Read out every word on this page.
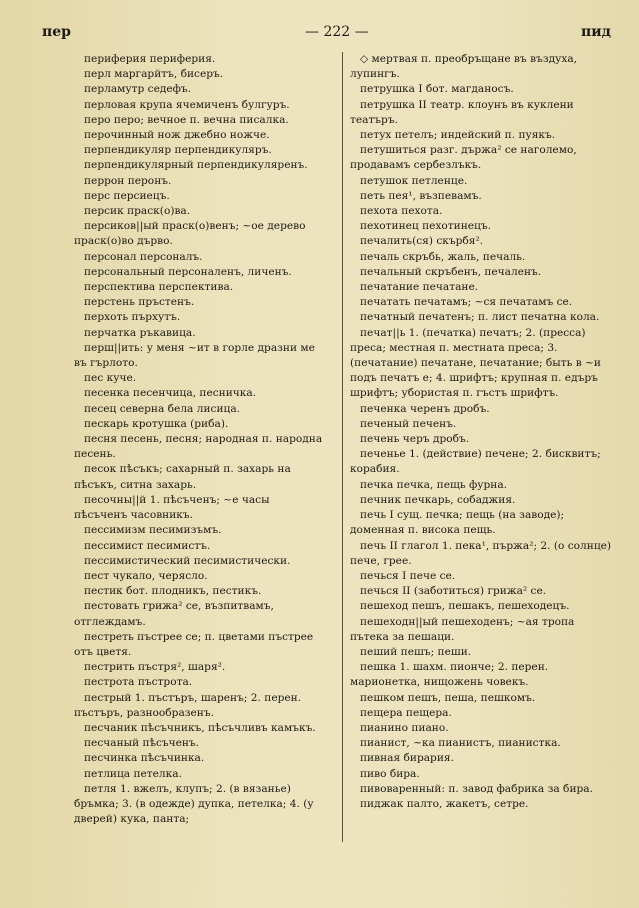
пер	— 222 —	пид

периферия периферия.

перл маргарйтъ, бисеръ.

перламутр седефъ.

перловая крупа ячемиченъ булгуръ.

перо перо; вечное п. вечна писалка.

перочинный нож джебно ножче.

перпендикуляр перпендикуляръ.

перпендикулярный перпендикуляренъ.

перрон перонъ.

перс персиецъ.

персик праск(о)ва.

персиков||ый праск(о)венъ; ~ое дерево праск(о)во дърво.

персонал персоналъ.

персональный персоналенъ, личенъ.

перспектива перспектива.

перстень пръстенъ.

перхоть пърхутъ.

перчатка ръкавица.

перш||ить: у меня ~ит в горле дразни ме въ гърлото.

пес куче.

песенка песенчица, песничка.

песец северна бела лисица.

пескарь кротушка (риба).

песня песень, песня; народная п. народна песень.

песок пѣсъкъ; сахарный п. захарь на пѣсъкъ, ситна захарь.

песочны||й 1. пѣсъченъ; ~е часы пѣсъченъ часовникъ.

пессимизм песимизъмъ.

пессимист песимистъ.

пессимистический песимистически.

пест чукало, черясло.

пестик бот. плодникъ, пестикъ.

пестовать грижа² се, възпитвамъ, отглеждамъ.

пестреть пъстрее се; п. цветами пъстрее отъ цветя.

пестрить пъстря², шаря².

пестрота пъстрота.

пестрый 1. пъстъръ, шаренъ; 2. перен. пъстъръ, разнообразенъ.

песчаник пѣсъчникъ, пѣсъчливъ камъкъ.

песчаный пѣсъченъ.

песчинка пѣсъчинка.

петлица петелка.

петля 1. вжелъ, клупъ; 2. (в вязанье) бръмка; 3. (в одежде) дупка, петелка; 4. (у дверей) кука, панта;

◇ мертвая п. преобръщане въ въздуха, лупингъ.

петрушка I бот. магданосъ.

петрушка II театр. клоунъ въ куклени театъръ.

петух петелъ; индейский п. пуякъ.

петушиться разг. държа² се наголемо, продавамъ сербезлъкъ.

петушок петленце.

петь пея¹, възпевамъ.

пехота пехота.

пехотинец пехотинецъ.

печалить(ся) скърбя².

печаль скръбь, жаль, печаль.

печальный скръбенъ, печаленъ.

печатание печатане.

печатать печатамъ; ~ся печатамъ се.

печатный печатенъ; п. лист печатна кола.

печат||ь 1. (печатка) печатъ; 2. (пресса) преса; местная п. местната преса; 3. (печатание) печатане, печатание; быть в ~и подъ печатъ е; 4. шрифтъ; крупная п. едъръ шрифтъ; убористая п. гъстъ шрифтъ.

печенка черенъ дробъ.

печеный печенъ.

печень черъ дробъ.

печенье 1. (действие) печене; 2. бисквитъ; корабия.

печка печка, пещь фурна.

печник печкарь, собаджия.

печь I сущ. печка; пещь (на заводе); доменная п. висока пещь.

печь II глагол 1. пека¹, пържа²; 2. (о солнце) пече, грее.

печься I пече се.

печься II (заботиться) грижа² се.

пешеход пешъ, пешакъ, пешеходецъ.

пешеходн||ый пешеходенъ; ~ая тропа пътека за пешаци.

пеший пешъ; пеши.

пешка 1. шахм. пионче; 2. перен. марионетка, нищожень човекъ.

пешком пешъ, пеша, пешкомъ.

пещера пещера.

пианино пиано.

пианист, ~ка пианистъ, пианистка.

пивная бирария.

пиво бира.

пивоваренный: п. завод фабрика за бира.

пиджак палто, жакетъ, сетре.
